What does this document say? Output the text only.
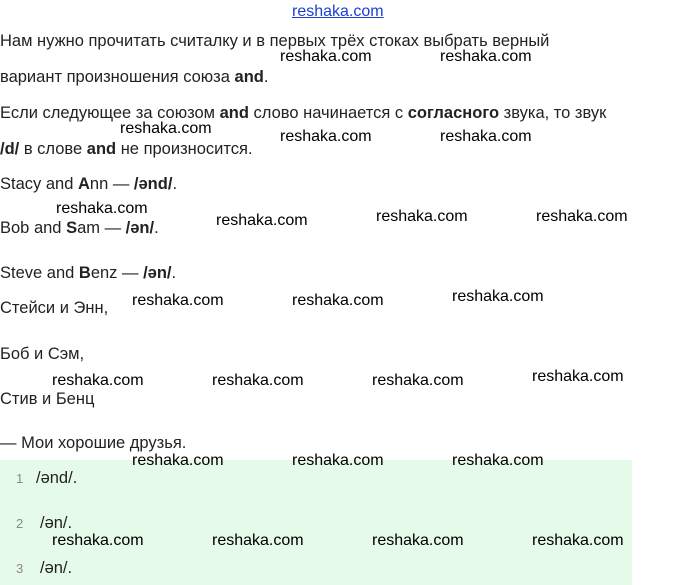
reshaka.com
Нам нужно прочитать считалку и в первых трёх стоках выбрать верный
вариант произношения союза and.
Если следующее за союзом and слово начинается с согласного звука, то звук
/d/ в слове and не произносится.
Stacy and Ann — /ənd/.
Bob and Sam — /ən/.
Steve and Benz — /ən/.
Стейси и Энн,
Боб и Сэм,
Стив и Бенц
— Мои хорошие друзья.
1 /ənd/.
2 /ən/.
3 /ən/.
reshaka.com	reshaka.com
reshaka.com	reshaka.com	reshaka.com
reshaka.com
reshaka.com	reshaka.com	reshaka.com
reshaka.com	reshaka.com	reshaka.com
reshaka.com	reshaka.com	reshaka.com	reshaka.com
reshaka.com	reshaka.com	reshaka.com
reshaka.com	reshaka.com	reshaka.com	reshaka.com
